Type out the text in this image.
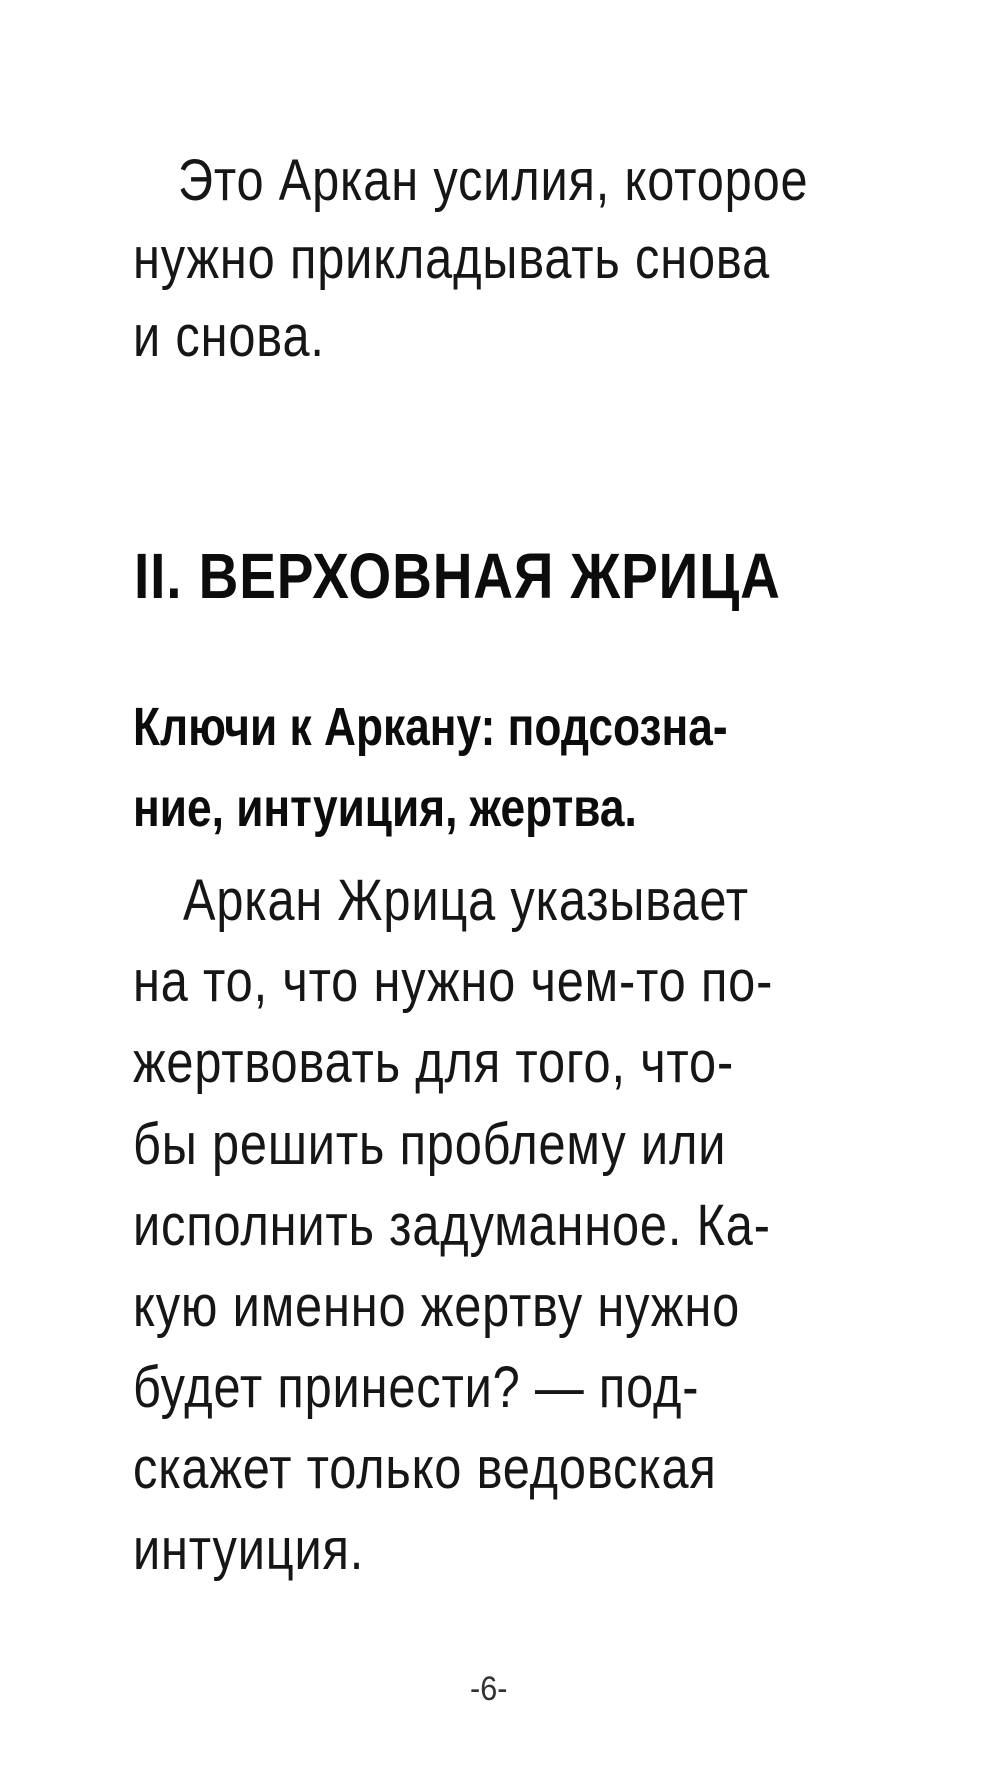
Это Аркан усилия, которое

нужно прикладывать снова

и снова.

II. ВЕРХОВНАЯ ЖРИЦА

Ключи к Аркану: подсозна-

ние, интуиция, жертва.

Аркан Жрица указывает

на то, что нужно чем-то по-

жертвовать для того, что-

бы решить проблему или

исполнить задуманное. Ка-

кую именно жертву нужно

будет принести? — под-

скажет только ведовская

интуиция.

-6-
